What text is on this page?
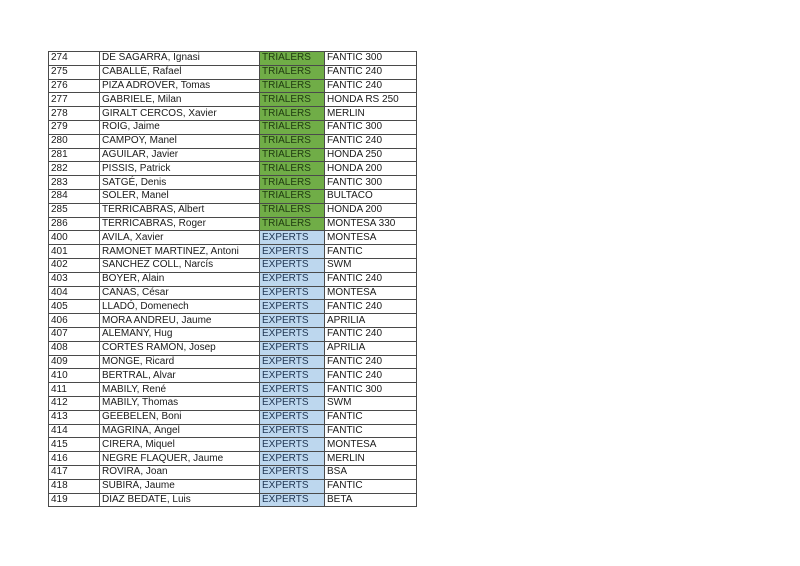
274	DE SAGARRA, Ignasi	TRIALERS	FANTIC 300
275	CABALLÉ, Rafael	TRIALERS	FANTIC 240
276	PIZA ADROVER, Tomas	TRIALERS	FANTIC 240
277	GABRIELE, Milan	TRIALERS	HONDA RS 250
278	GIRALT CERCOS, Xavier	TRIALERS	MERLIN
279	ROIG, Jaime	TRIALERS	FANTIC 300
280	CAMPOY, Manel	TRIALERS	FANTIC 240
281	AGUILAR, Javier	TRIALERS	HONDA 250
282	PISSIS, Patrick	TRIALERS	HONDA 200
283	SATGÉ, Denis	TRIALERS	FANTIC 300
284	SOLER, Manel	TRIALERS	BULTACO
285	TERRICABRAS, Albert	TRIALERS	HONDA 200
286	TERRICABRAS, Roger	TRIALERS	MONTESA 330
400	AVILA, Xavier	EXPERTS	MONTESA
401	RAMONET MARTINEZ, Antoni	EXPERTS	FANTIC
402	SANCHEZ COLL, Narcís	EXPERTS	SWM
403	BOYER, Alain	EXPERTS	FANTIC 240
404	CAÑAS, César	EXPERTS	MONTESA
405	LLADÓ, Domenech	EXPERTS	FANTIC 240
406	MORA ANDREU, Jaume	EXPERTS	APRILIA
407	ALEMANY, Hug	EXPERTS	FANTIC 240
408	CORTES RAMÓN, Josep	EXPERTS	APRILIA
409	MONGE, Ricard	EXPERTS	FANTIC 240
410	BERTRAL, Alvar	EXPERTS	FANTIC 240
411	MABILY, René	EXPERTS	FANTIC 300
412	MABILY, Thomas	EXPERTS	SWM
413	GEEBELEN, Boni	EXPERTS	FANTIC
414	MAGRIÑÁ, Ángel	EXPERTS	FANTIC
415	CIRERA, Miquel	EXPERTS	MONTESA
416	NEGRE FLAQUER, Jaume	EXPERTS	MERLIN
417	ROVIRA, Joan	EXPERTS	BSA
418	SUBIRÀ, Jaume	EXPERTS	FANTIC
419	DIAZ BEDATE, Luis	EXPERTS	BETA
